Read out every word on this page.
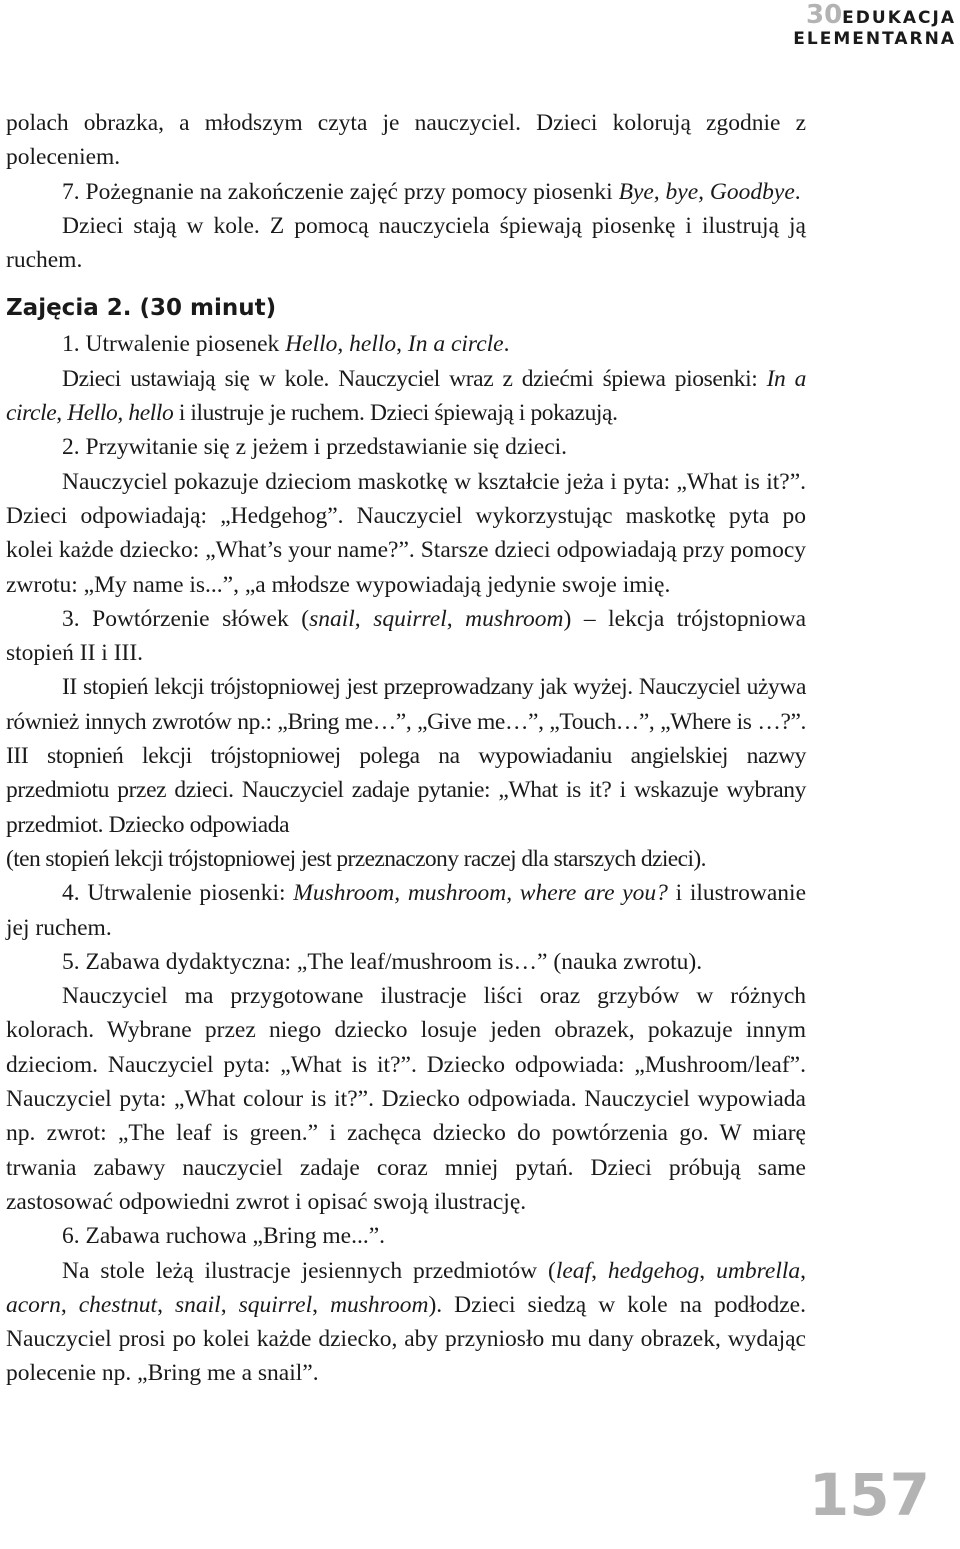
30EDUKACJA
ELEMENTARNA

polach obrazka, a młodszym czyta je nauczyciel. Dzieci kolorują zgodnie z poleceniem.

7. Pożegnanie na zakończenie zajęć przy pomocy piosenki Bye, bye, Goodbye.

Dzieci stają w kole. Z pomocą nauczyciela śpiewają piosenkę i ilustrują ją ruchem.

Zajęcia 2. (30 minut)

1. Utrwalenie piosenek Hello, hello, In a circle.

Dzieci ustawiają się w kole. Nauczyciel wraz z dziećmi śpiewa piosenki: In a circle, Hello, hello i ilustruje je ruchem. Dzieci śpiewają i pokazują.

2. Przywitanie się z jeżem i przedstawianie się dzieci.

Nauczyciel pokazuje dzieciom maskotkę w kształcie jeża i pyta: „What is it?”. Dzieci odpowiadają: „Hedgehog”. Nauczyciel wykorzystując maskotkę pyta po kolei każde dziecko: „What’s your name?”. Starsze dzieci odpowiadają przy pomocy zwrotu: „My name is...”, „a młodsze wypowiadają jedynie swoje imię.

3. Powtórzenie słówek (snail, squirrel, mushroom) – lekcja trójstopniowa stopień II i III.

II stopień lekcji trójstopniowej jest przeprowadzany jak wyżej. Nauczyciel używa również innych zwrotów np.: „Bring me…”, „Give me…”, „Touch…”, „Where is …?”. III stopnień lekcji trójstopniowej polega na wypowiadaniu angielskiej nazwy przedmiotu przez dzieci. Nauczyciel zadaje pytanie: „What is it? i wskazuje wybrany przedmiot. Dziecko odpowiada

(ten stopień lekcji trójstopniowej jest przeznaczony raczej dla starszych dzieci).

4. Utrwalenie piosenki: Mushroom, mushroom, where are you? i ilustrowanie jej ruchem.

5. Zabawa dydaktyczna: „The leaf/mushroom is…” (nauka zwrotu).

Nauczyciel ma przygotowane ilustracje liści oraz grzybów w różnych kolorach. Wybrane przez niego dziecko losuje jeden obrazek, pokazuje innym dzieciom. Nauczyciel pyta: „What is it?”. Dziecko odpowiada: „Mushroom/leaf”. Nauczyciel pyta: „What colour is it?”. Dziecko odpowiada. Nauczyciel wypowiada np. zwrot: „The leaf is green.” i zachęca dziecko do powtórzenia go. W miarę trwania zabawy nauczyciel zadaje coraz mniej pytań. Dzieci próbują same zastosować odpowiedni zwrot i opisać swoją ilustrację.

6. Zabawa ruchowa „Bring me...”.

Na stole leżą ilustracje jesiennych przedmiotów (leaf, hedgehog, umbrella, acorn, chestnut, snail, squirrel, mushroom). Dzieci siedzą w kole na podłodze. Nauczyciel prosi po kolei każde dziecko, aby przyniosło mu dany obrazek, wydając polecenie np. „Bring me a snail”.

157
